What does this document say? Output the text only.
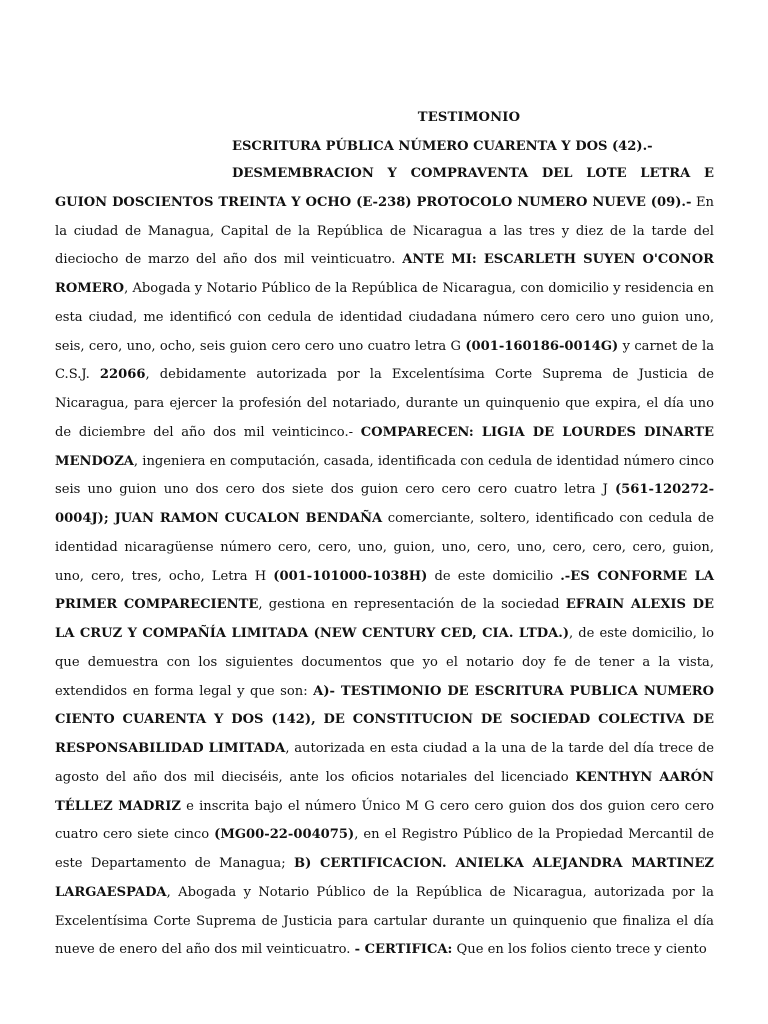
TESTIMONIO
ESCRITURA PÚBLICA NÚMERO CUARENTA Y DOS (42).-

DESMEMBRACION Y COMPRAVENTA DEL LOTE LETRA E GUION DOSCIENTOS TREINTA Y OCHO (E-238) PROTOCOLO NUMERO NUEVE (09).- En la ciudad de Managua, Capital de la República de Nicaragua a las tres y diez de la tarde del dieciocho de marzo del año dos mil veinticuatro. ANTE MI: ESCARLETH SUYEN O'CONOR ROMERO, Abogada y Notario Público de la República de Nicaragua, con domicilio y residencia en esta ciudad, me identificó con cedula de identidad ciudadana número cero cero uno guion uno, seis, cero, uno, ocho, seis guion cero cero uno cuatro letra G (001-160186-0014G) y carnet de la C.S.J. 22066, debidamente autorizada por la Excelentísima Corte Suprema de Justicia de Nicaragua, para ejercer la profesión del notariado, durante un quinquenio que expira, el día uno de diciembre del año dos mil veinticinco.- COMPARECEN: LIGIA DE LOURDES DINARTE MENDOZA, ingeniera en computación, casada, identificada con cedula de identidad número cinco seis uno guion uno dos cero dos siete dos guion cero cero cero cuatro letra J (561-120272-0004J); JUAN RAMON CUCALON BENDAÑA comerciante, soltero, identificado con cedula de identidad nicaragüense número cero, cero, uno, guion, uno, cero, uno, cero, cero, cero, guion, uno, cero, tres, ocho, Letra H (001-101000-1038H) de este domicilio .-ES CONFORME LA PRIMER COMPARECIENTE, gestiona en representación de la sociedad EFRAIN ALEXIS DE LA CRUZ Y COMPAÑÍA LIMITADA (NEW CENTURY CED, CIA. LTDA.), de este domicilio, lo que demuestra con los siguientes documentos que yo el notario doy fe de tener a la vista, extendidos en forma legal y que son: A)- TESTIMONIO DE ESCRITURA PUBLICA NUMERO CIENTO CUARENTA Y DOS (142), DE CONSTITUCION DE SOCIEDAD COLECTIVA DE RESPONSABILIDAD LIMITADA, autorizada en esta ciudad a la una de la tarde del día trece de agosto del año dos mil dieciséis, ante los oficios notariales del licenciado KENTHYN AARÓN TÉLLEZ MADRIZ e inscrita bajo el número Único M G cero cero guion dos dos guion cero cero cuatro cero siete cinco (MG00-22-004075), en el Registro Público de la Propiedad Mercantil de este Departamento de Managua; B) CERTIFICACION. ANIELKA ALEJANDRA MARTINEZ LARGAESPADA, Abogada y Notario Público de la República de Nicaragua, autorizada por la Excelentísima Corte Suprema de Justicia para cartular durante un quinquenio que finaliza el día nueve de enero del año dos mil veinticuatro. - CERTIFICA: Que en los folios ciento trece y ciento
